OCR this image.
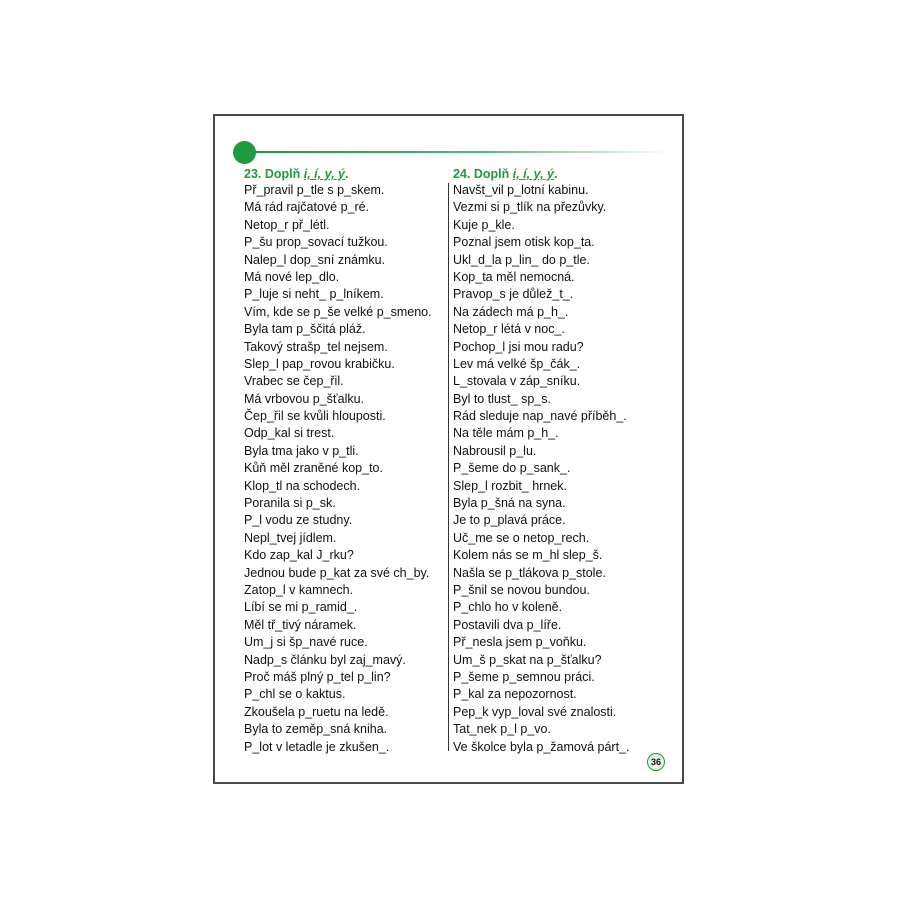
23. Doplň i, í, y, ý.
Př_pravil p_tle s p_skem.
Má rád rajčatové p_ré.
Netop_r př_létl.
P_šu prop_sovací tužkou.
Nalep_l dop_sní známku.
Má nové lep_dlo.
P_luje si neht_ p_lníkem.
Vím, kde se p_še velké p_smeno.
Byla tam p_ščitá pláž.
Takový strašp_tel nejsem.
Slep_l pap_rovou krabičku.
Vrabec se čep_řil.
Má vrbovou p_šťalku.
Čep_řil se kvůli hlouposti.
Odp_kal si trest.
Byla tma jako v p_tli.
Kůň měl zraněné kop_to.
Klop_tl na schodech.
Poranila si p_sk.
P_l vodu ze studny.
Nepl_tvej jídlem.
Kdo zap_kal J_rku?
Jednou bude p_kat za své ch_by.
Zatop_l v kamnech.
Líbí se mi p_ramid_.
Měl tř_tivý náramek.
Um_j si šp_navé ruce.
Nadp_s článku byl zaj_mavý.
Proč máš plný p_tel p_lin?
P_chl se o kaktus.
Zkoušela p_ruetu na ledě.
Byla to zeměp_sná kniha.
P_lot v letadle je zkušen_.
24. Doplň i, í, y, ý.
Navšt_vil p_lotní kabinu.
Vezmi si p_tlík na přezůvky.
Kuje p_kle.
Poznal jsem otisk kop_ta.
Ukl_d_la p_lin_ do p_tle.
Kop_ta měl nemocná.
Pravop_s je důlež_t_.
Na zádech má p_h_.
Netop_r létá v noc_.
Pochop_l jsi mou radu?
Lev má velké šp_čák_.
L_stovala v záp_sníku.
Byl to tlust_ sp_s.
Rád sleduje nap_navé příběh_.
Na těle mám p_h_.
Nabrousil p_lu.
P_šeme do p_sank_.
Slep_l rozbit_ hrnek.
Byla p_šná na syna.
Je to p_plavá práce.
Uč_me se o netop_rech.
Kolem nás se m_hl slep_š.
Našla se p_tlákova p_stole.
P_šnil se novou bundou.
P_chlo ho v koleně.
Postavili dva p_líře.
Př_nesla jsem p_voňku.
Um_š p_skat na p_šťalku?
P_šeme p_semnou práci.
P_kal za nepozornost.
Pep_k vyp_loval své znalosti.
Tat_nek p_l p_vo.
Ve školce byla p_žamová párt_.
36
